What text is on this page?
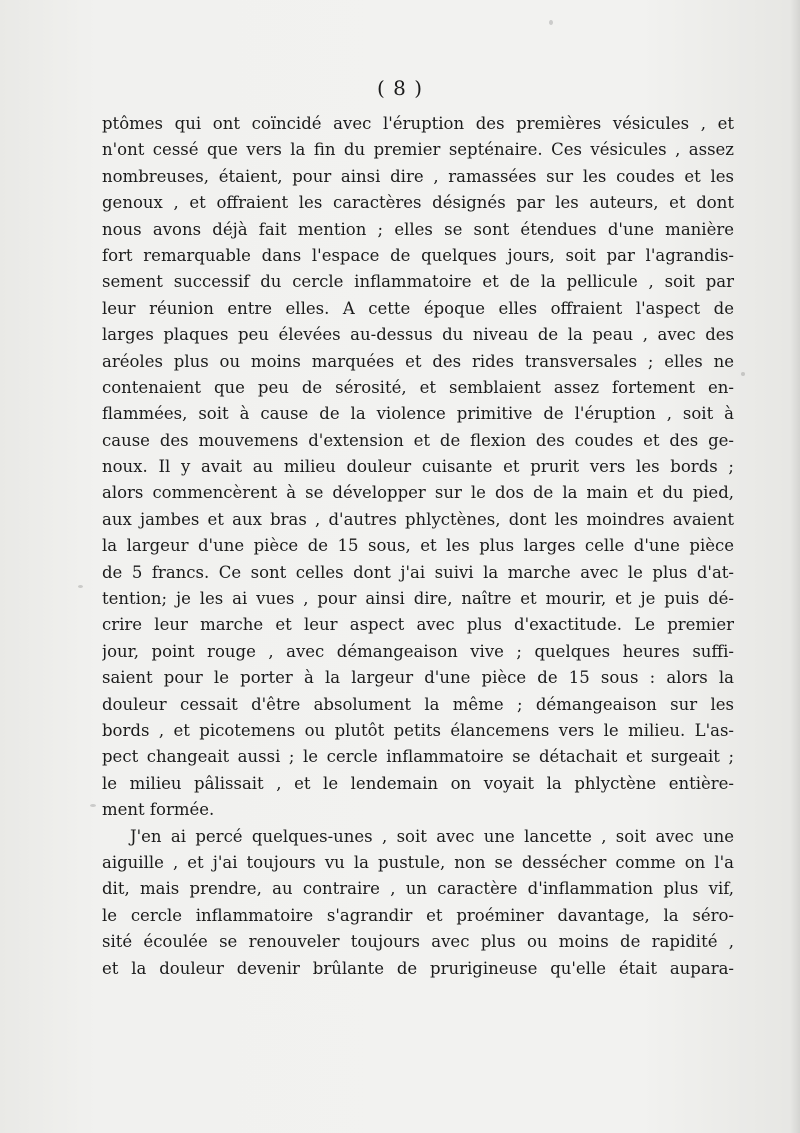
( 8 )
ptômes qui ont coïncidé avec l'éruption des premières vésicules , et
n'ont cessé que vers la fin du premier septénaire. Ces vésicules , assez
nombreuses, étaient, pour ainsi dire , ramassées sur les coudes et les
genoux , et offraient les caractères désignés par les auteurs, et dont
nous avons déjà fait mention ; elles se sont étendues d'une manière
fort remarquable dans l'espace de quelques jours, soit par l'agrandis-
sement successif du cercle inflammatoire et de la pellicule , soit par
leur réunion entre elles. A cette époque elles offraient l'aspect de
larges plaques peu élevées au-dessus du niveau de la peau , avec des
aréoles plus ou moins marquées et des rides transversales ; elles ne
contenaient que peu de sérosité, et semblaient assez fortement en-
flammées, soit à cause de la violence primitive de l'éruption , soit à
cause des mouvemens d'extension et de flexion des coudes et des ge-
noux. Il y avait au milieu douleur cuisante et prurit vers les bords ;
alors commencèrent à se développer sur le dos de la main et du pied,
aux jambes et aux bras , d'autres phlyctènes, dont les moindres avaient
la largeur d'une pièce de 15 sous, et les plus larges celle d'une pièce
de 5 francs. Ce sont celles dont j'ai suivi la marche avec le plus d'at-
tention; je les ai vues , pour ainsi dire, naître et mourir, et je puis dé-
crire leur marche et leur aspect avec plus d'exactitude. Le premier
jour, point rouge , avec démangeaison vive ; quelques heures suffi-
saient pour le porter à la largeur d'une pièce de 15 sous : alors la
douleur cessait d'être absolument la même ; démangeaison sur les
bords , et picotemens ou plutôt petits élancemens vers le milieu. L'as-
pect changeait aussi ; le cercle inflammatoire se détachait et surgeait ;
le milieu pâlissait , et le lendemain on voyait la phlyctène entière-
ment formée.
J'en ai percé quelques-unes , soit avec une lancette , soit avec une
aiguille , et j'ai toujours vu la pustule, non se dessécher comme on l'a
dit, mais prendre, au contraire , un caractère d'inflammation plus vif,
le cercle inflammatoire s'agrandir et proéminer davantage, la séro-
sité écoulée se renouveler toujours avec plus ou moins de rapidité ,
et la douleur devenir brûlante de prurigineuse qu'elle était aupara-
